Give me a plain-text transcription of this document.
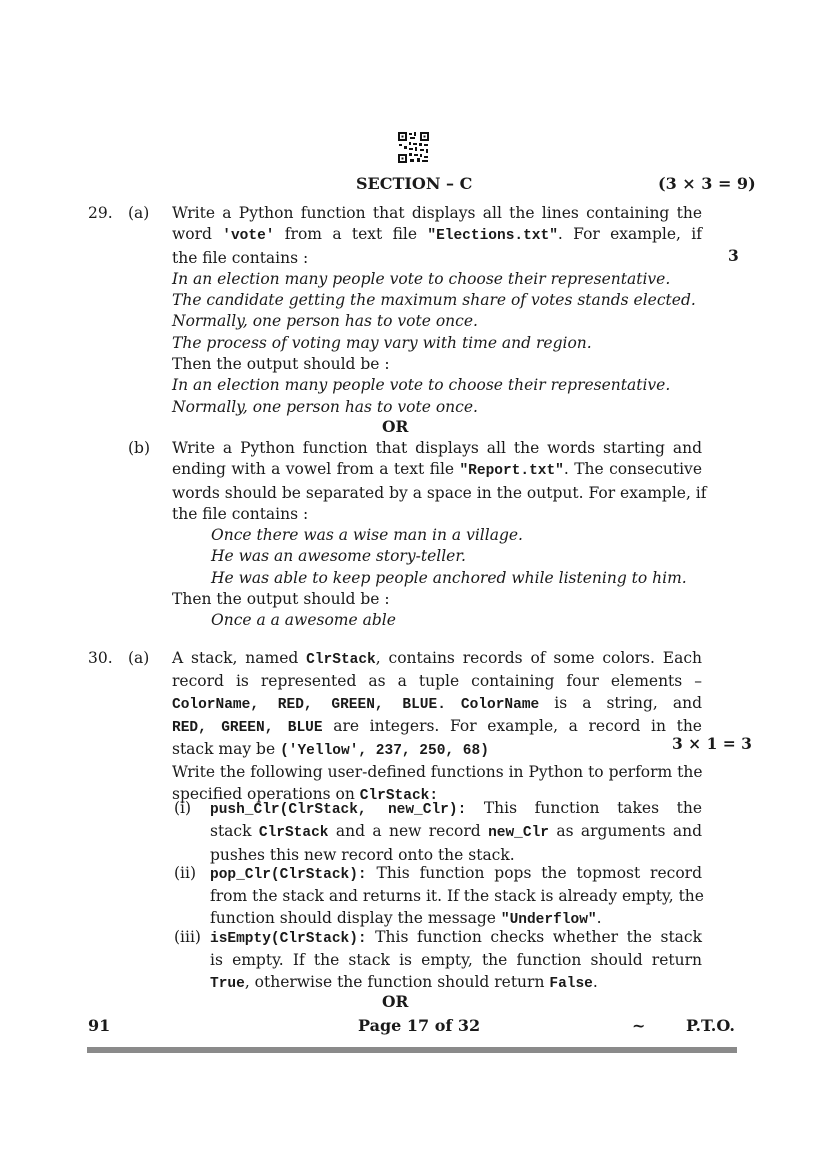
SECTION – C	(3 × 3 = 9)
29. (a) Write a Python function that displays all the lines containing the
word 'vote' from a text file "Elections.txt". For example, if
the file contains :
In an election many people vote to choose their representative.
The candidate getting the maximum share of votes stands elected.
Normally, one person has to vote once.
The process of voting may vary with time and region.
Then the output should be :
In an election many people vote to choose their representative.
Normally, one person has to vote once.
3
OR
(b) Write a Python function that displays all the words starting and
ending with a vowel from a text file "Report.txt". The consecutive
words should be separated by a space in the output. For example, if
the file contains :
Once there was a wise man in a village.
He was an awesome story-teller.
He was able to keep people anchored while listening to him.
Then the output should be :
Once a a awesome able
30. (a) A stack, named ClrStack, contains records of some colors. Each
record is represented as a tuple containing four elements –
ColorName, RED, GREEN, BLUE. ColorName is a string, and
RED, GREEN, BLUE are integers. For example, a record in the
stack may be ('Yellow', 237, 250, 68)
Write the following user-defined functions in Python to perform the
specified operations on ClrStack:
3 × 1 = 3
(i) push_Clr(ClrStack, new_Clr): This function takes the
stack ClrStack and a new record new_Clr as arguments and
pushes this new record onto the stack.
(ii) pop_Clr(ClrStack): This function pops the topmost record
from the stack and returns it. If the stack is already empty, the
function should display the message "Underflow".
(iii) isEmpty(ClrStack): This function checks whether the stack
is empty. If the stack is empty, the function should return
True, otherwise the function should return False.
OR
91	Page 17 of 32	~	P.T.O.
